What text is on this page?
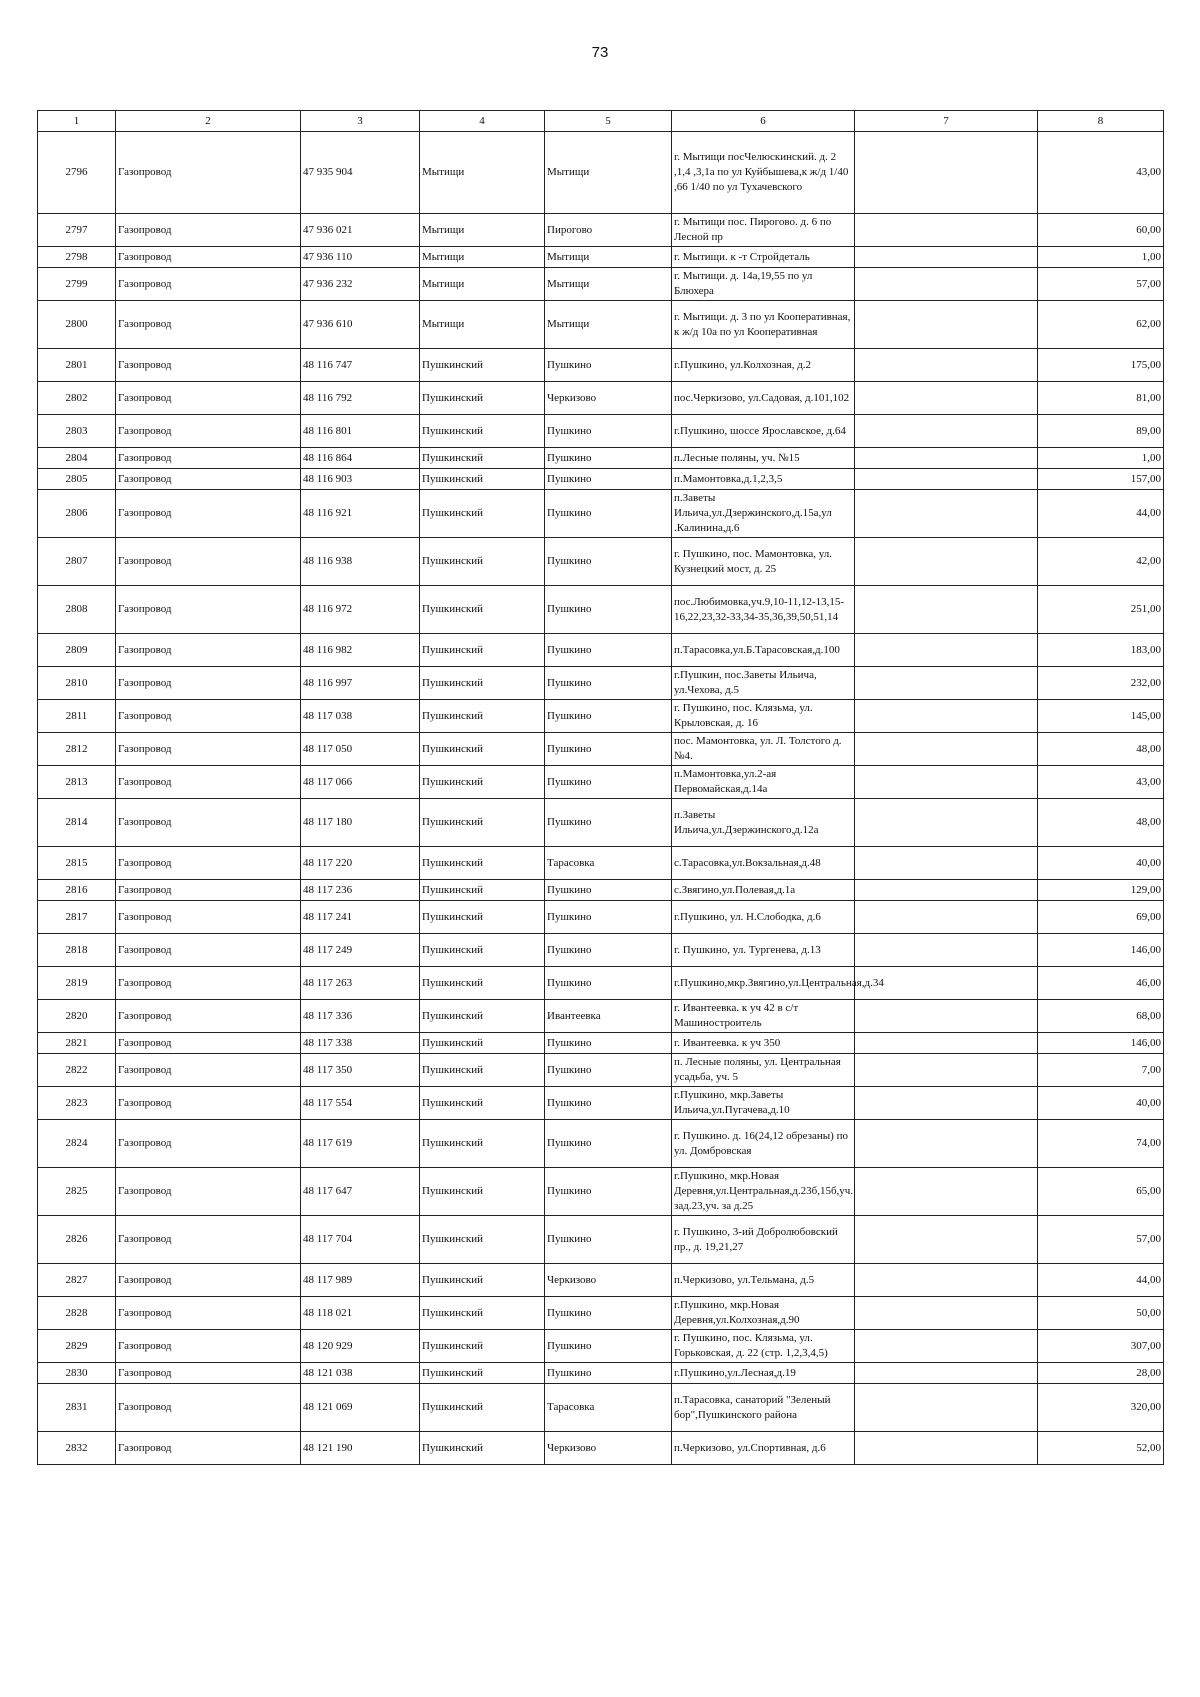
73
1	2	3	4	5	6	7	8
2796	Газопровод	47 935 904	Мытищи	Мытищи	г. Мытищи посЧелюскинский. д. 2 ,1,4 ,3,1а по ул Куйбышева,к ж/д 1/40 ,66 1/40 по ул Тухачевского		43,00
2797	Газопровод	47 936 021	Мытищи	Пирогово	г. Мытищи пос. Пирогово. д. 6 по Лесной пр		60,00
2798	Газопровод	47 936 110	Мытищи	Мытищи	г. Мытищи. к -т Стройдеталь		1,00
2799	Газопровод	47 936 232	Мытищи	Мытищи	г. Мытищи. д. 14а,19,55 по ул Блюхера		57,00
2800	Газопровод	47 936 610	Мытищи	Мытищи	г. Мытищи. д. 3 по ул Кооперативная, к ж/д 10а по ул Кооперативная		62,00
2801	Газопровод	48 116 747	Пушкинский	Пушкино	г.Пушкино, ул.Колхозная, д.2		175,00
2802	Газопровод	48 116 792	Пушкинский	Черкизово	пос.Черкизово, ул.Садовая, д.101,102		81,00
2803	Газопровод	48 116 801	Пушкинский	Пушкино	г.Пушкино, шоссе Ярославское, д.64		89,00
2804	Газопровод	48 116 864	Пушкинский	Пушкино	п.Лесные поляны, уч. №15		1,00
2805	Газопровод	48 116 903	Пушкинский	Пушкино	п.Мамонтовка,д.1,2,3,5		157,00
2806	Газопровод	48 116 921	Пушкинский	Пушкино	п.Заветы Ильича,ул.Дзержинского,д.15а,ул .Калинина,д.6		44,00
2807	Газопровод	48 116 938	Пушкинский	Пушкино	г. Пушкино, пос. Мамонтовка, ул. Кузнецкий мост, д. 25		42,00
2808	Газопровод	48 116 972	Пушкинский	Пушкино	пос.Любимовка,уч.9,10-11,12-13,15-16,22,23,32-33,34-35,36,39,50,51,14		251,00
2809	Газопровод	48 116 982	Пушкинский	Пушкино	п.Тарасовка,ул.Б.Тарасовская,д.100		183,00
2810	Газопровод	48 116 997	Пушкинский	Пушкино	г.Пушкин, пос.Заветы Ильича, ул.Чехова, д.5		232,00
2811	Газопровод	48 117 038	Пушкинский	Пушкино	г. Пушкино, пос. Клязьма, ул. Крыловская, д. 16		145,00
2812	Газопровод	48 117 050	Пушкинский	Пушкино	пос. Мамонтовка, ул. Л. Толстого д. №4.		48,00
2813	Газопровод	48 117 066	Пушкинский	Пушкино	п.Мамонтовка,ул.2-ая Первомайская,д.14а		43,00
2814	Газопровод	48 117 180	Пушкинский	Пушкино	п.Заветы Ильича,ул.Дзержинского,д.12а		48,00
2815	Газопровод	48 117 220	Пушкинский	Тарасовка	с.Тарасовка,ул.Вокзальная,д.48		40,00
2816	Газопровод	48 117 236	Пушкинский	Пушкино	с.Звягино,ул.Полевая,д.1а		129,00
2817	Газопровод	48 117 241	Пушкинский	Пушкино	г.Пушкино, ул. Н.Слободка, д.6		69,00
2818	Газопровод	48 117 249	Пушкинский	Пушкино	г. Пушкино, ул. Тургенева, д.13		146,00
2819	Газопровод	48 117 263	Пушкинский	Пушкино	г.Пушкино,мкр.Звягино,ул.Центральная,д.34		46,00
2820	Газопровод	48 117 336	Пушкинский	Ивантеевка	г. Ивантеевка. к уч 42 в с/т Машиностроитель		68,00
2821	Газопровод	48 117 338	Пушкинский	Пушкино	г. Ивантеевка. к уч 350		146,00
2822	Газопровод	48 117 350	Пушкинский	Пушкино	п. Лесные поляны, ул. Центральная усадьба, уч. 5		7,00
2823	Газопровод	48 117 554	Пушкинский	Пушкино	г.Пушкино, мкр.Заветы Ильича,ул.Пугачева,д.10		40,00
2824	Газопровод	48 117 619	Пушкинский	Пушкино	г. Пушкино. д. 16(24,12 обрезаны) по ул. Домбровская		74,00
2825	Газопровод	48 117 647	Пушкинский	Пушкино	г.Пушкино, мкр.Новая Деревня,ул.Центральная,д.23б,15б,уч. зад.23,уч. за д.25		65,00
2826	Газопровод	48 117 704	Пушкинский	Пушкино	г. Пушкино, 3-ий Добролюбовский пр., д. 19,21,27		57,00
2827	Газопровод	48 117 989	Пушкинский	Черкизово	п.Черкизово, ул.Тельмана, д.5		44,00
2828	Газопровод	48 118 021	Пушкинский	Пушкино	г.Пушкино, мкр.Новая Деревня,ул.Колхозная,д.90		50,00
2829	Газопровод	48 120 929	Пушкинский	Пушкино	г. Пушкино, пос. Клязьма, ул. Горьковская, д. 22 (стр. 1,2,3,4,5)		307,00
2830	Газопровод	48 121 038	Пушкинский	Пушкино	г.Пушкино,ул.Лесная,д.19		28,00
2831	Газопровод	48 121 069	Пушкинский	Тарасовка	п.Тарасовка, санаторий "Зеленый бор",Пушкинского района		320,00
2832	Газопровод	48 121 190	Пушкинский	Черкизово	п.Черкизово, ул.Спортивная, д.6		52,00
